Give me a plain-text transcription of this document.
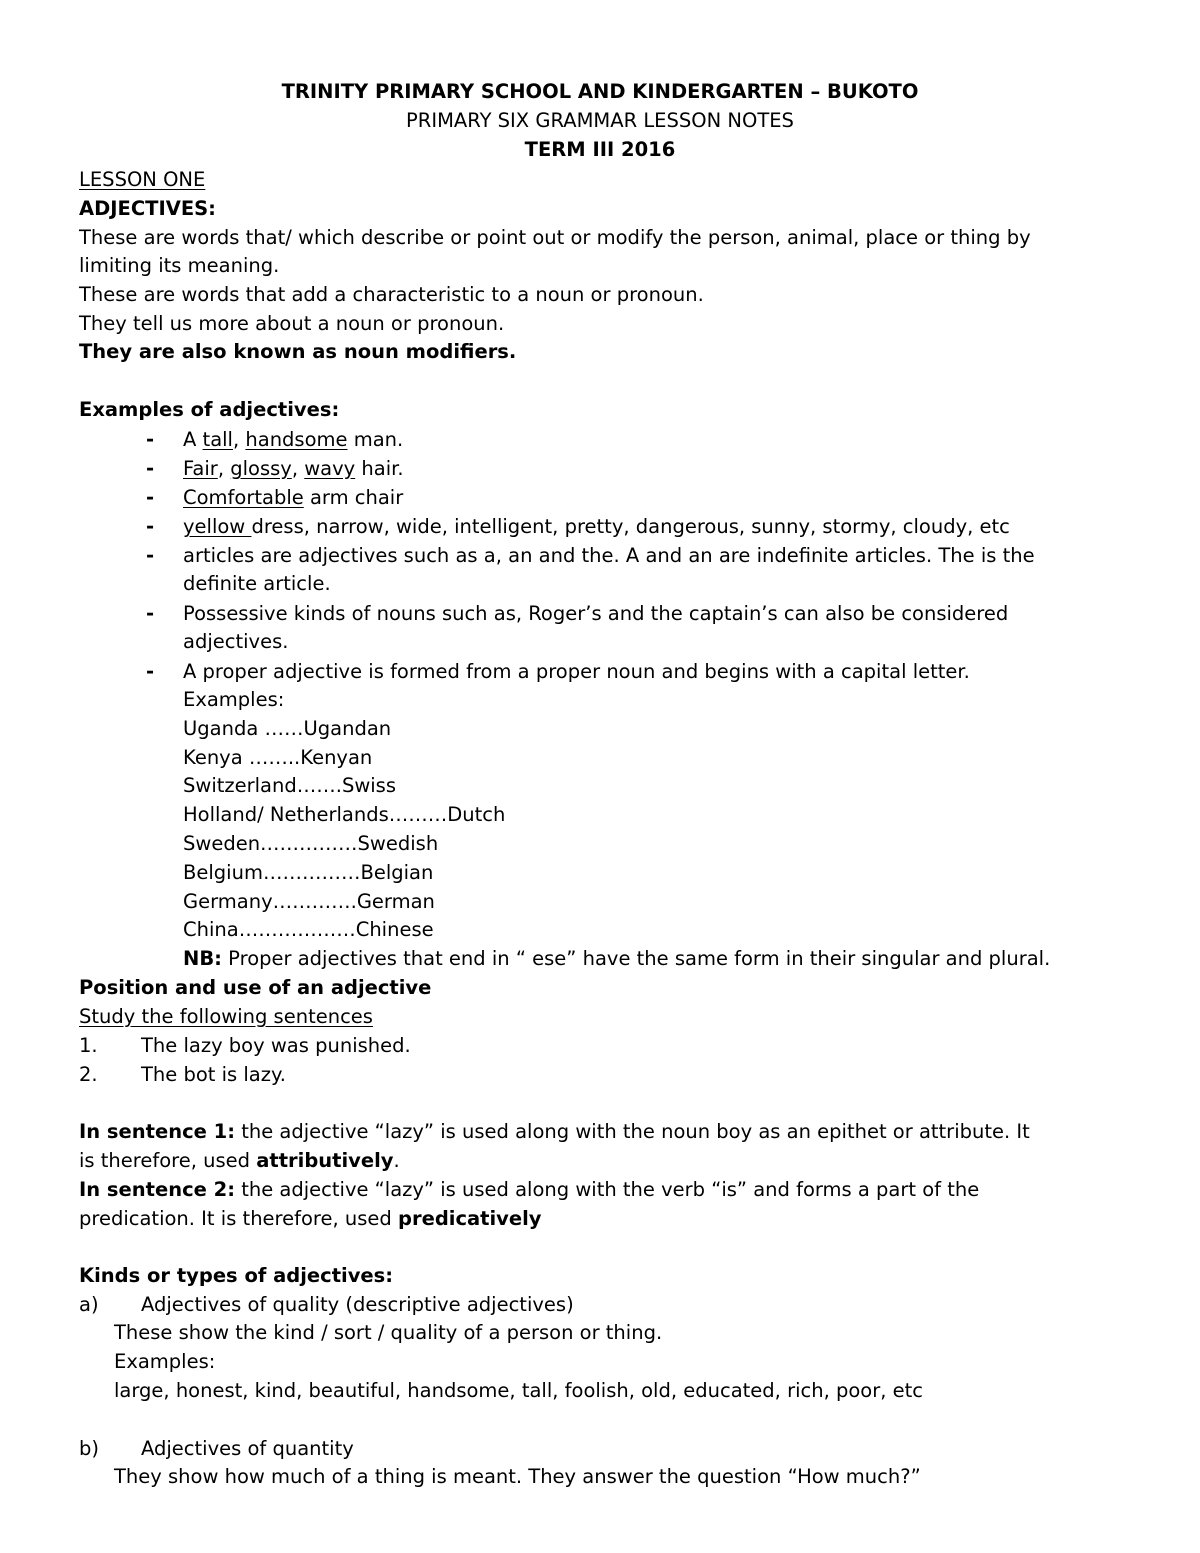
TRINITY PRIMARY SCHOOL AND KINDERGARTEN – BUKOTO
PRIMARY SIX GRAMMAR LESSON NOTES
TERM III 2016
LESSON ONE
ADJECTIVES:
These are words that/ which describe or point out or modify the person, animal, place or thing by
limiting its meaning.
These are words that add a characteristic to a noun or pronoun.
They tell us more about a noun or pronoun.
They are also known as noun modifiers.
Examples of adjectives:
- A tall, handsome man.
- Fair, glossy, wavy hair.
- Comfortable arm chair
- yellow dress, narrow, wide, intelligent, pretty, dangerous, sunny, stormy, cloudy, etc
- articles are adjectives such as a, an and the. A and an are indefinite articles. The is the
definite article.
- Possessive kinds of nouns such as, Roger’s and the captain’s can also be considered
adjectives.
- A proper adjective is formed from a proper noun and begins with a capital letter.
Examples:
Uganda ……Ugandan
Kenya ……..Kenyan
Switzerland…….Swiss
Holland/ Netherlands………Dutch
Sweden……………Swedish
Belgium……………Belgian
Germany………….German
China………………Chinese
NB: Proper adjectives that end in “ ese” have the same form in their singular and plural.
Position and use of an adjective
Study the following sentences
1. The lazy boy was punished.
2. The bot is lazy.
In sentence 1: the adjective “lazy” is used along with the noun boy as an epithet or attribute. It
is therefore, used attributively.
In sentence 2: the adjective “lazy” is used along with the verb “is” and forms a part of the
predication. It is therefore, used predicatively
Kinds or types of adjectives:
a) Adjectives of quality (descriptive adjectives)
These show the kind / sort / quality of a person or thing.
Examples:
large, honest, kind, beautiful, handsome, tall, foolish, old, educated, rich, poor, etc
b) Adjectives of quantity
They show how much of a thing is meant. They answer the question “How much?”
